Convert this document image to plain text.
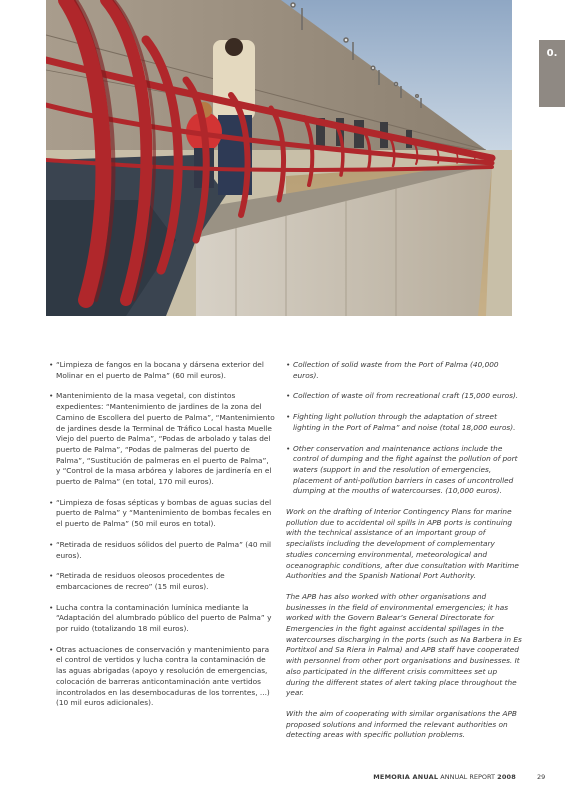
0.
• “Limpieza de fangos en la bocana y dársena exterior del Molinar en el puerto de Palma” (60 mil euros).
• Mantenimiento de la masa vegetal, con distintos expedientes: “Mantenimiento de jardines de la zona del Camino de Escollera del puerto de Palma”, “Mantenimiento de jardines desde la Terminal de Tráfico Local hasta Muelle Viejo del puerto de Palma”, “Podas de arbolado y talas del puerto de Palma”, “Podas de palmeras del puerto de Palma”, “Sustitución de palmeras en el puerto de Palma”, y “Control de la masa arbórea y labores de jardinería en el puerto de Palma” (en total, 170 mil euros).
• “Limpieza de fosas sépticas y bombas de aguas sucias del puerto de Palma” y “Mantenimiento de bombas fecales en el puerto de Palma” (50 mil euros en total).
• “Retirada de residuos sólidos del puerto de Palma” (40 mil euros).
• “Retirada de residuos oleosos procedentes de embarcaciones de recreo” (15 mil euros).
• Lucha contra la contaminación lumínica mediante la “Adaptación del alumbrado público del puerto de Palma” y por ruido (totalizando 18 mil euros).
• Otras actuaciones de conservación y mantenimiento para el control de vertidos y lucha contra la contaminación de las aguas abrigadas (apoyo y resolución de emergencias, colocación de barreras anticontaminación ante vertidos incontrolados en las desembocaduras de los torrentes, ...) (10 mil euros adicionales).
• Collection of solid waste from the Port of Palma (40,000 euros).
• Collection of waste oil from recreational craft (15,000 euros).
• Fighting light pollution through the adaptation of street lighting in the Port of Palma” and noise (total 18,000 euros).
• Other conservation and maintenance actions include the control of dumping and the fight against the pollution of port waters (support in and the resolution of emergencies, placement of anti-pollution barriers in cases of uncontrolled dumping at the mouths of watercourses. (10,000 euros).

Work on the drafting of Interior Contingency Plans for marine pollution due to accidental oil spills in APB ports is continuing with the technical assistance of an important group of specialists including the development of complementary studies concerning environmental, meteorological and oceanographic conditions, after due consultation with Maritime Authorities and the Spanish National Port Authority.

The APB has also worked with other organisations and businesses in the field of environmental emergencies; it has worked with the Govern Balear’s General Directorate for Emergencies in the fight against accidental spillages in the watercourses discharging in the ports (such as Na Barbera in Es Portitxol and Sa Riera in Palma) and APB staff have cooperated with personnel from other port organisations and businesses. It also participated in the different crisis committees set up during the different states of alert taking place throughout the year.

With the aim of cooperating with similar organisations the APB proposed solutions and informed the relevant authorities on detecting areas with specific pollution problems.

MEMORIA ANUAL ANNUAL REPORT 2008	29
